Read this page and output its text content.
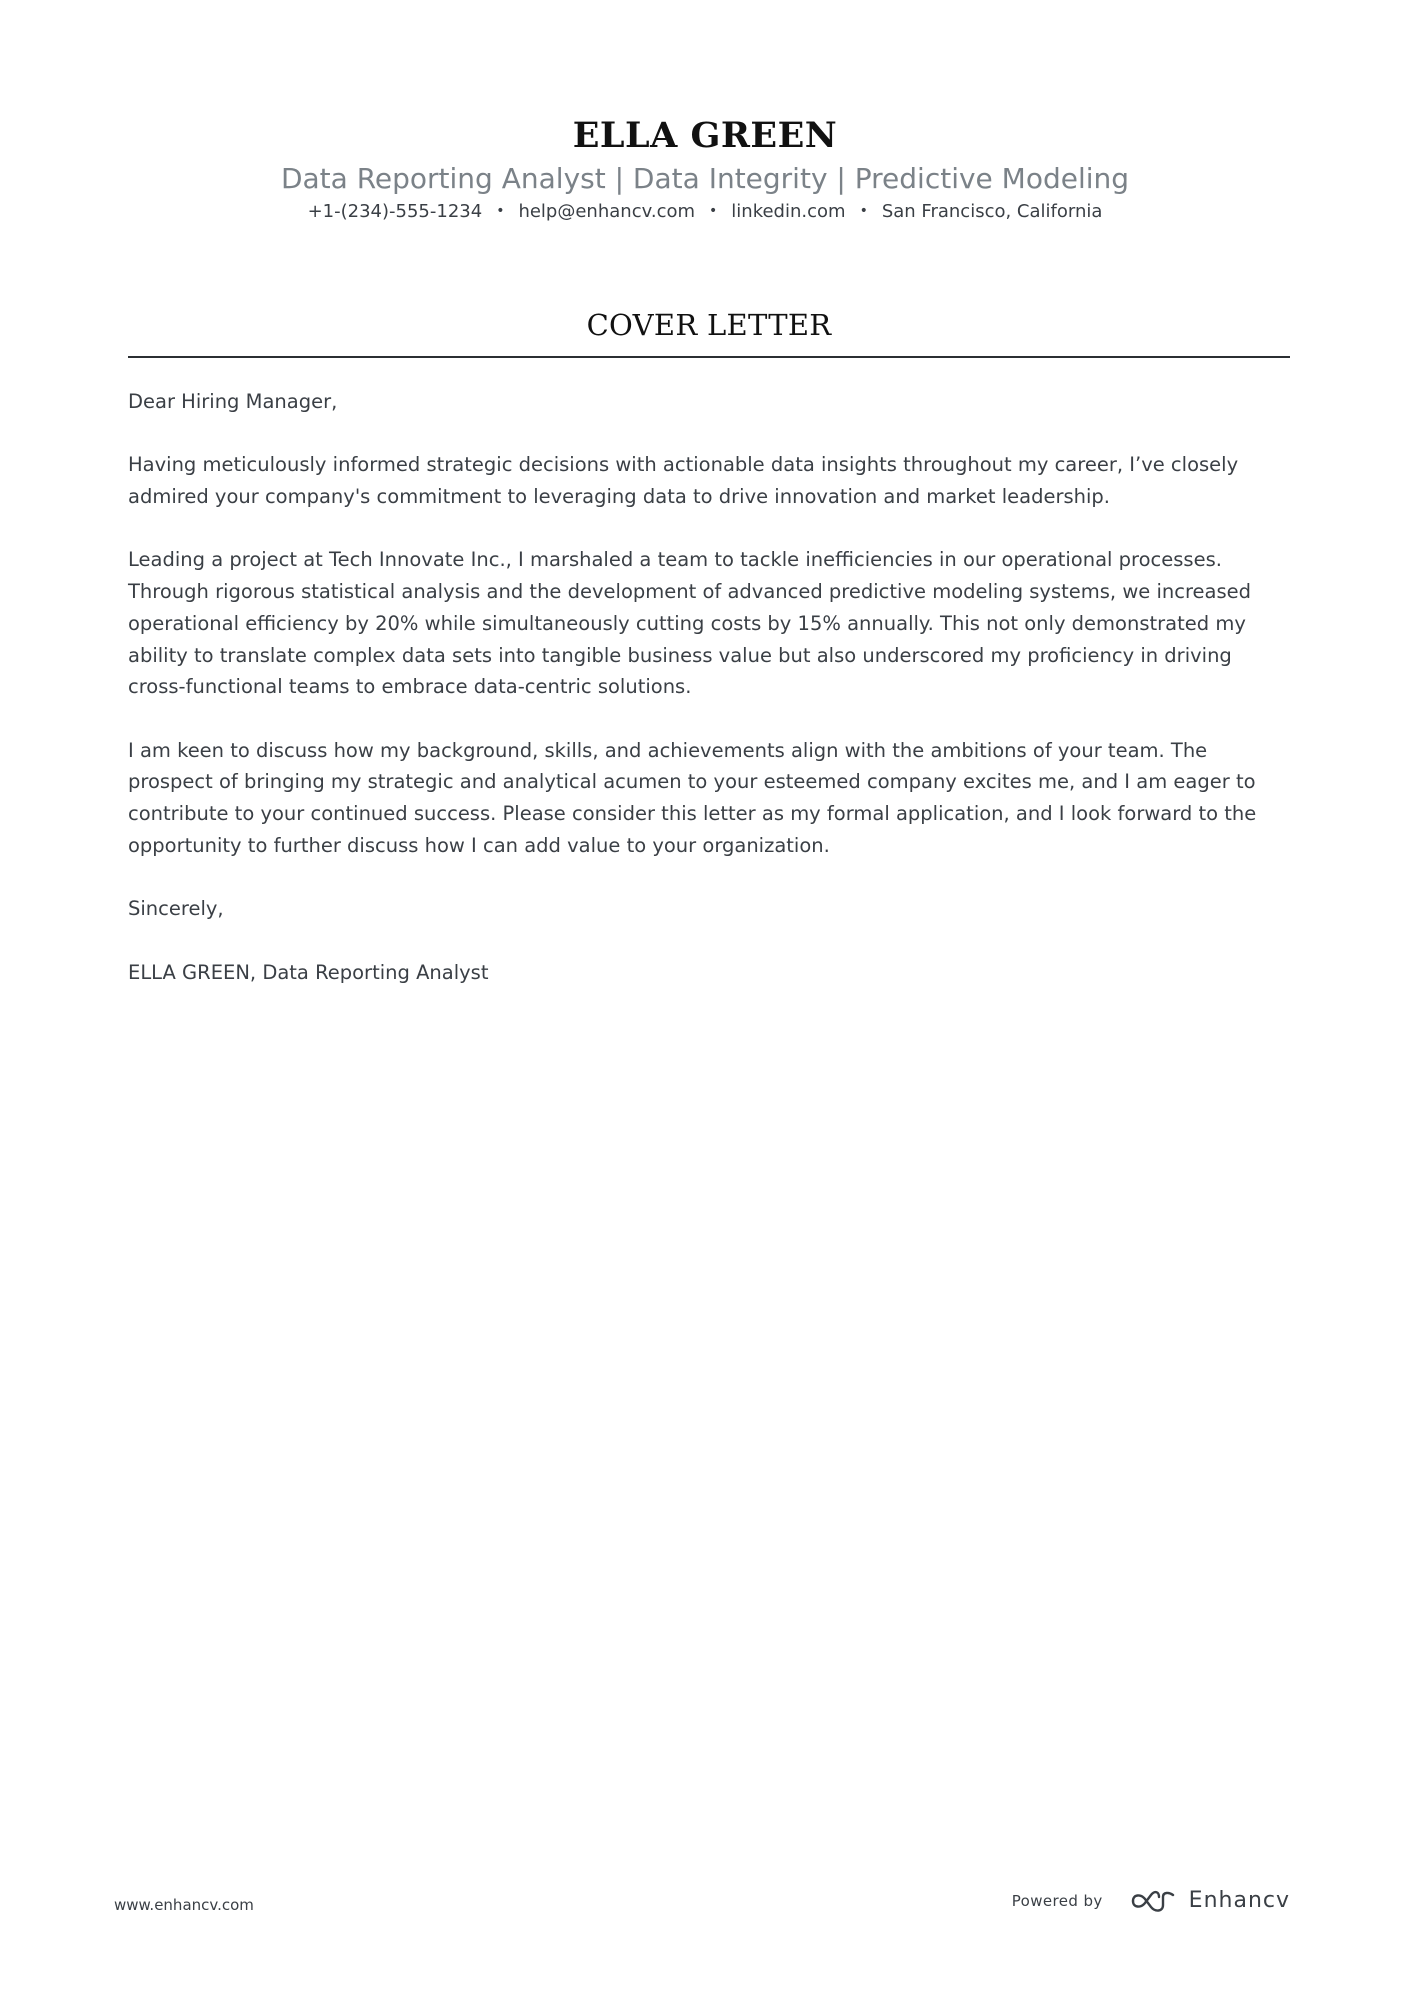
ELLA GREEN
Data Reporting Analyst | Data Integrity | Predictive Modeling
+1-(234)-555-1234 • help@enhancv.com • linkedin.com • San Francisco, California
COVER LETTER

Dear Hiring Manager,

Having meticulously informed strategic decisions with actionable data insights throughout my career, I’ve closely admired your company's commitment to leveraging data to drive innovation and market leadership.

Leading a project at Tech Innovate Inc., I marshaled a team to tackle inefficiencies in our operational processes. Through rigorous statistical analysis and the development of advanced predictive modeling systems, we increased operational efficiency by 20% while simultaneously cutting costs by 15% annually. This not only demonstrated my ability to translate complex data sets into tangible business value but also underscored my proficiency in driving cross-functional teams to embrace data-centric solutions.

I am keen to discuss how my background, skills, and achievements align with the ambitions of your team. The prospect of bringing my strategic and analytical acumen to your esteemed company excites me, and I am eager to contribute to your continued success. Please consider this letter as my formal application, and I look forward to the opportunity to further discuss how I can add value to your organization.

Sincerely,

ELLA GREEN, Data Reporting Analyst

www.enhancv.com	Powered by	Enhancv
